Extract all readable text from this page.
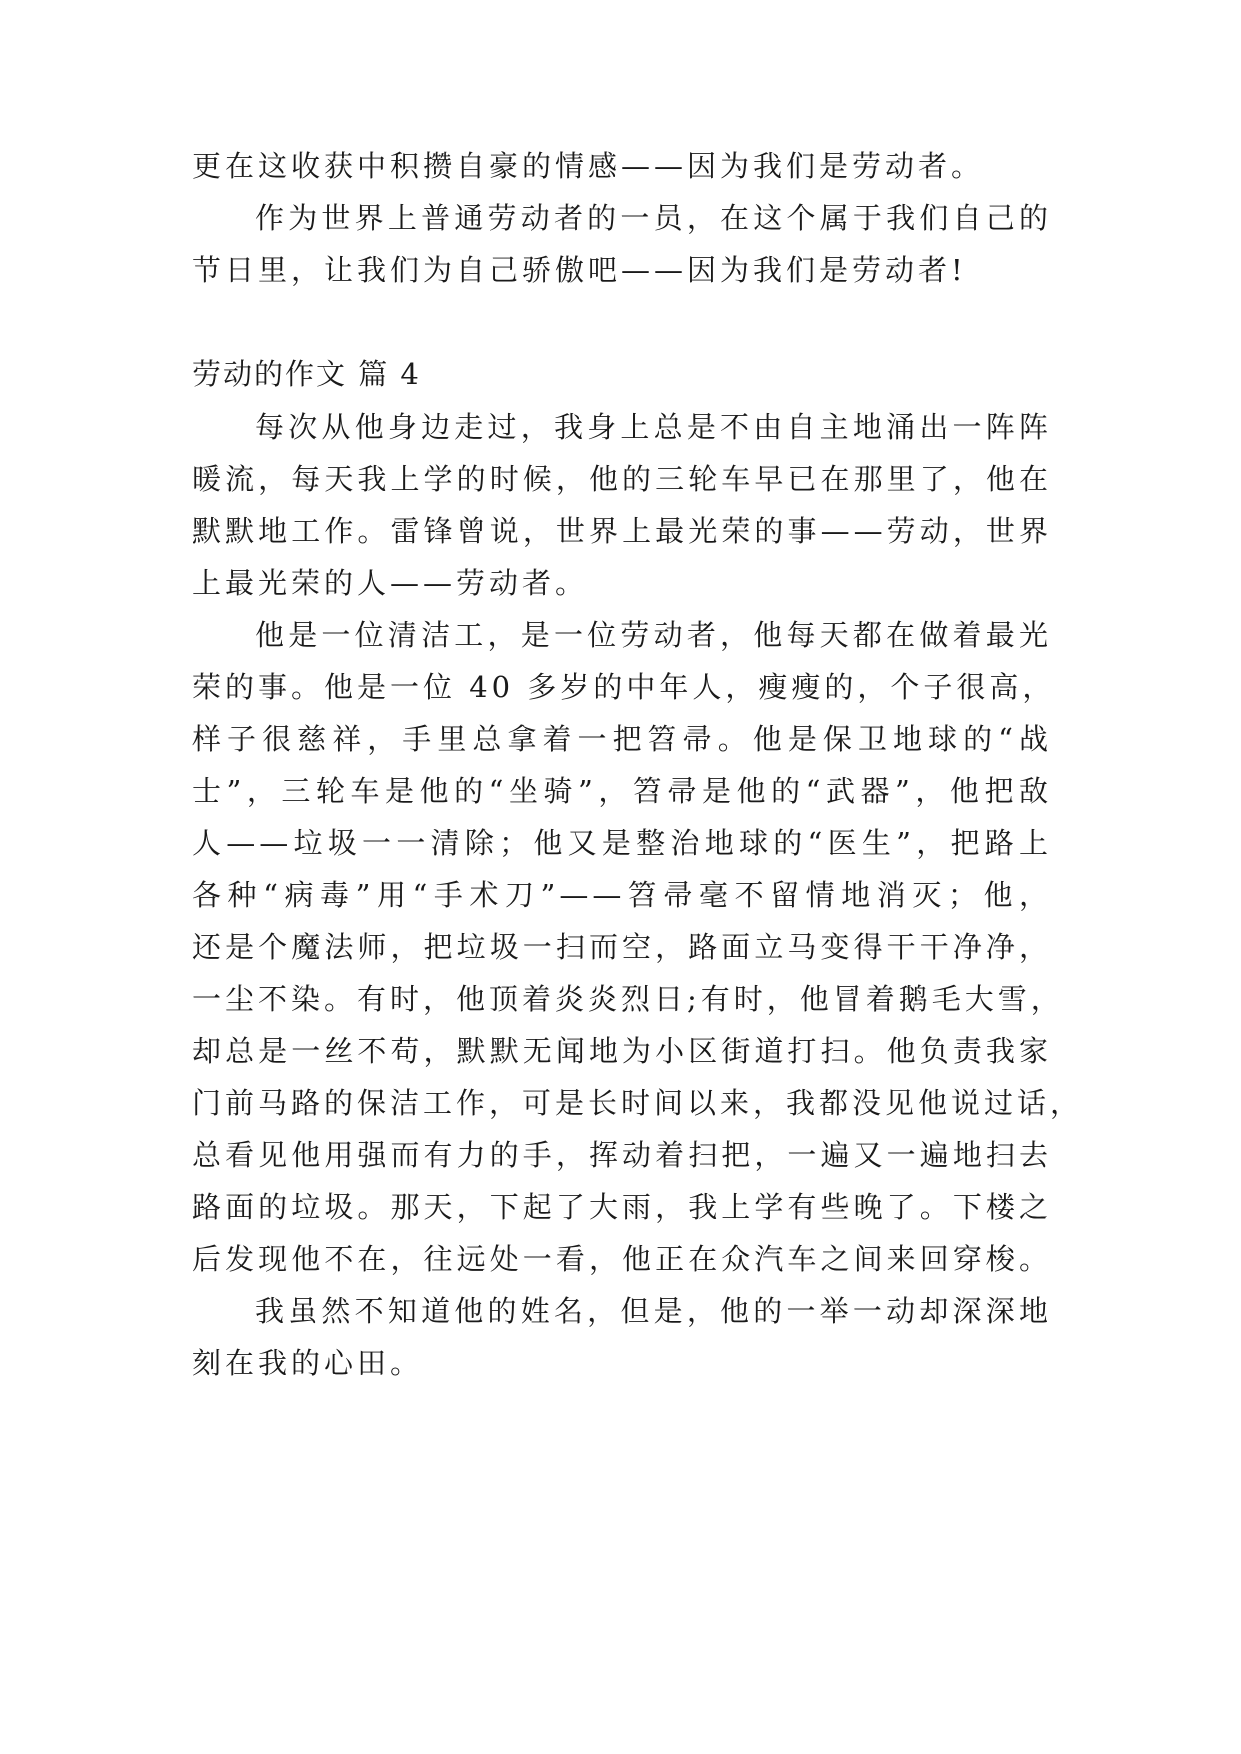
更在这收获中积攒自豪的情感——因为我们是劳动者。
作为世界上普通劳动者的一员，在这个属于我们自己的
节日里，让我们为自己骄傲吧——因为我们是劳动者!
劳动的作文 篇 4
每次从他身边走过，我身上总是不由自主地涌出一阵阵
暖流，每天我上学的时候，他的三轮车早已在那里了，他在
默默地工作。雷锋曾说，世界上最光荣的事——劳动，世界
上最光荣的人——劳动者。
他是一位清洁工，是一位劳动者，他每天都在做着最光
荣的事。他是一位 40 多岁的中年人，瘦瘦的，个子很高，
样子很慈祥，手里总拿着一把笤帚。他是保卫地球的“战
士”，三轮车是他的“坐骑”，笤帚是他的“武器”，他把敌
人——垃圾一一清除；他又是整治地球的“医生”，把路上
各种“病毒”用“手术刀”——笤帚毫不留情地消灭；他，
还是个魔法师，把垃圾一扫而空，路面立马变得干干净净，
一尘不染。有时，他顶着炎炎烈日;有时，他冒着鹅毛大雪，
却总是一丝不苟，默默无闻地为小区街道打扫。他负责我家
门前马路的保洁工作，可是长时间以来，我都没见他说过话，
总看见他用强而有力的手，挥动着扫把，一遍又一遍地扫去
路面的垃圾。那天，下起了大雨，我上学有些晚了。下楼之
后发现他不在，往远处一看，他正在众汽车之间来回穿梭。
我虽然不知道他的姓名，但是，他的一举一动却深深地
刻在我的心田。
